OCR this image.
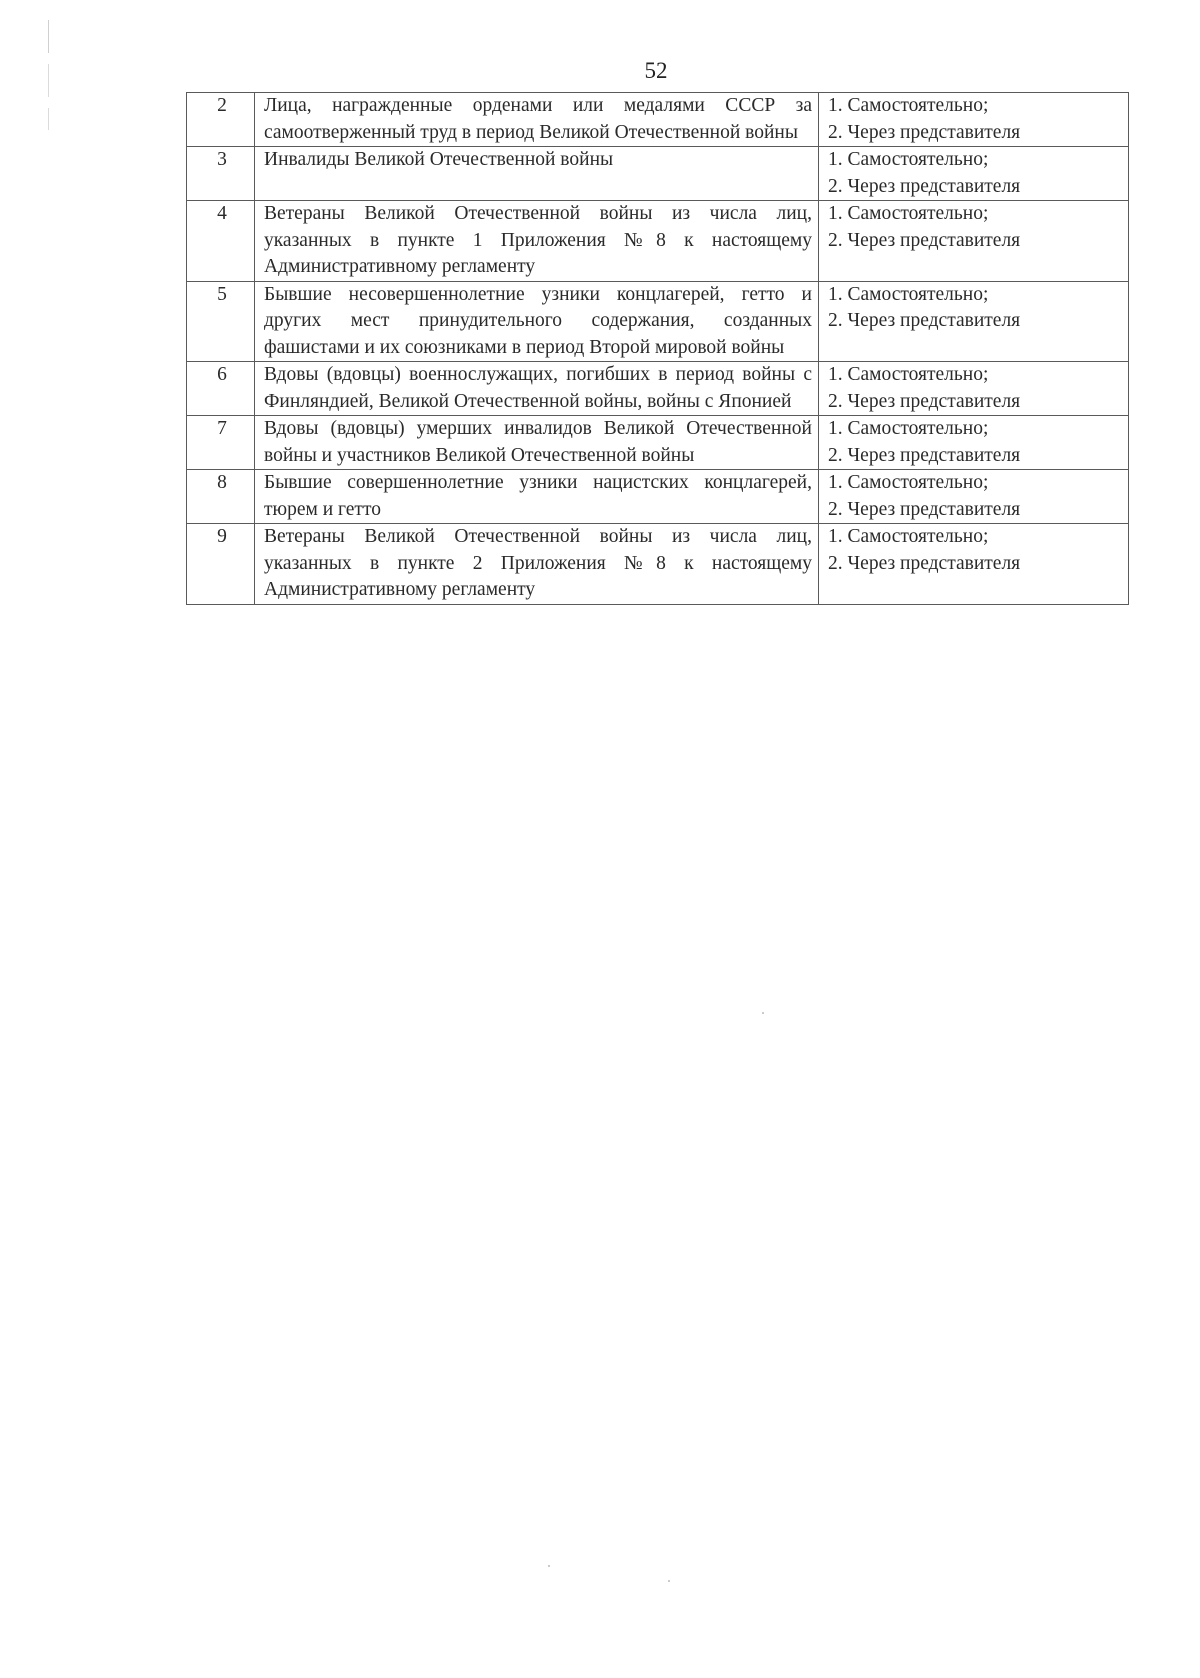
52
2	Лица, награжденные орденами или медалями СССР за самоотверженный труд в период Великой Отечественной войны	1. Самостоятельно;
2. Через представителя

3	Инвалиды Великой Отечественной войны	1. Самостоятельно;
2. Через представителя

4	Ветераны Великой Отечественной войны из числа лиц, указанных в пункте 1 Приложения №8 к настоящему Административному регламенту	1. Самостоятельно;
2. Через представителя

5	Бывшие несовершеннолетние узники концлагерей, гетто и других мест принудительного содержания, созданных фашистами и их союзниками в период Второй мировой войны	1. Самостоятельно;
2. Через представителя

6	Вдовы (вдовцы) военнослужащих, погибших в период войны с Финляндией, Великой Отечественной войны, войны с Японией	1. Самостоятельно;
2. Через представителя

7	Вдовы (вдовцы) умерших инвалидов Великой Отечественной войны и участников Великой Отечественной войны	1. Самостоятельно;
2. Через представителя

8	Бывшие совершеннолетние узники нацистских концлагерей, тюрем и гетто	1. Самостоятельно;
2. Через представителя

9	Ветераны Великой Отечественной войны из числа лиц, указанных в пункте 2 Приложения №8 к настоящему Административному регламенту	1. Самостоятельно;
2. Через представителя
